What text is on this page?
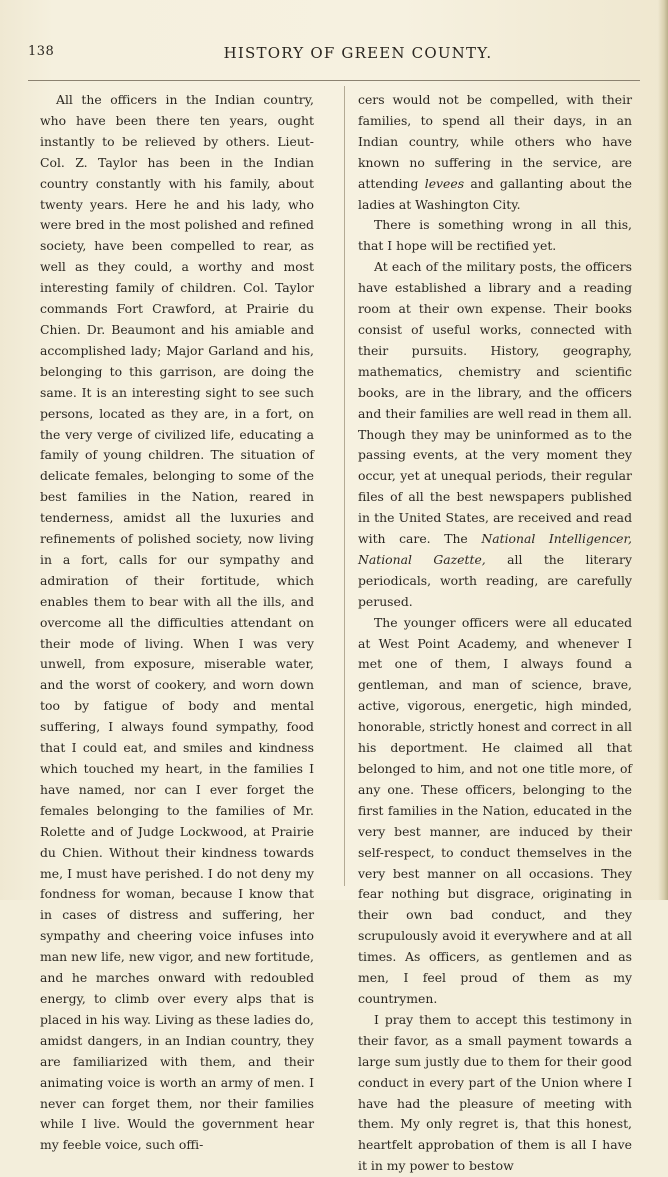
138	HISTORY OF GREEN COUNTY.

All the officers in the Indian country, who have been there ten years, ought instantly to be relieved by others. Lieut-Col. Z. Taylor has been in the Indian country constantly with his family, about twenty years. Here he and his lady, who were bred in the most polished and refined society, have been compelled to rear, as well as they could, a worthy and most interesting family of children. Col. Taylor commands Fort Crawford, at Prairie du Chien. Dr. Beaumont and his amiable and accomplished lady; Major Garland and his, belonging to this garrison, are doing the same. It is an interesting sight to see such persons, located as they are, in a fort, on the very verge of civilized life, educating a family of young children. The situation of delicate females, belonging to some of the best families in the Nation, reared in tenderness, amidst all the luxuries and refinements of polished society, now living in a fort, calls for our sympathy and admiration of their fortitude, which enables them to bear with all the ills, and overcome all the difficulties attendant on their mode of living. When I was very unwell, from exposure, miserable water, and the worst of cookery, and worn down too by fatigue of body and mental suffering, I always found sympathy, food that I could eat, and smiles and kindness which touched my heart, in the families I have named, nor can I ever forget the females belonging to the families of Mr. Rolette and of Judge Lockwood, at Prairie du Chien. Without their kindness towards me, I must have perished. I do not deny my fondness for woman, because I know that in cases of distress and suffering, her sympathy and cheering voice infuses into man new life, new vigor, and new fortitude, and he marches onward with redoubled energy, to climb over every alps that is placed in his way. Living as these ladies do, amidst dangers, in an Indian country, they are familiarized with them, and their animating voice is worth an army of men. I never can forget them, nor their families while I live. Would the government hear my feeble voice, such offi-

cers would not be compelled, with their families, to spend all their days, in an Indian country, while others who have known no suffering in the service, are attending levees and gallanting about the ladies at Washington City.

There is something wrong in all this, that I hope will be rectified yet.

At each of the military posts, the officers have established a library and a reading room at their own expense. Their books consist of useful works, connected with their pursuits. History, geography, mathematics, chemistry and scientific books, are in the library, and the officers and their families are well read in them all. Though they may be uninformed as to the passing events, at the very moment they occur, yet at unequal periods, their regular files of all the best newspapers published in the United States, are received and read with care. The National Intelligencer, National Gazette, all the literary periodicals, worth reading, are carefully perused.

The younger officers were all educated at West Point Academy, and whenever I met one of them, I always found a gentleman, and man of science, brave, active, vigorous, energetic, high minded, honorable, strictly honest and correct in all his deportment. He claimed all that belonged to him, and not one title more, of any one. These officers, belonging to the first families in the Nation, educated in the very best manner, are induced by their self-respect, to conduct themselves in the very best manner on all occasions. They fear nothing but disgrace, originating in their own bad conduct, and they scrupulously avoid it everywhere and at all times. As officers, as gentlemen and as men, I feel proud of them as my countrymen.

I pray them to accept this testimony in their favor, as a small payment towards a large sum justly due to them for their good conduct in every part of the Union where I have had the pleasure of meeting with them. My only regret is, that this honest, heartfelt approbation of them is all I have it in my power to bestow
